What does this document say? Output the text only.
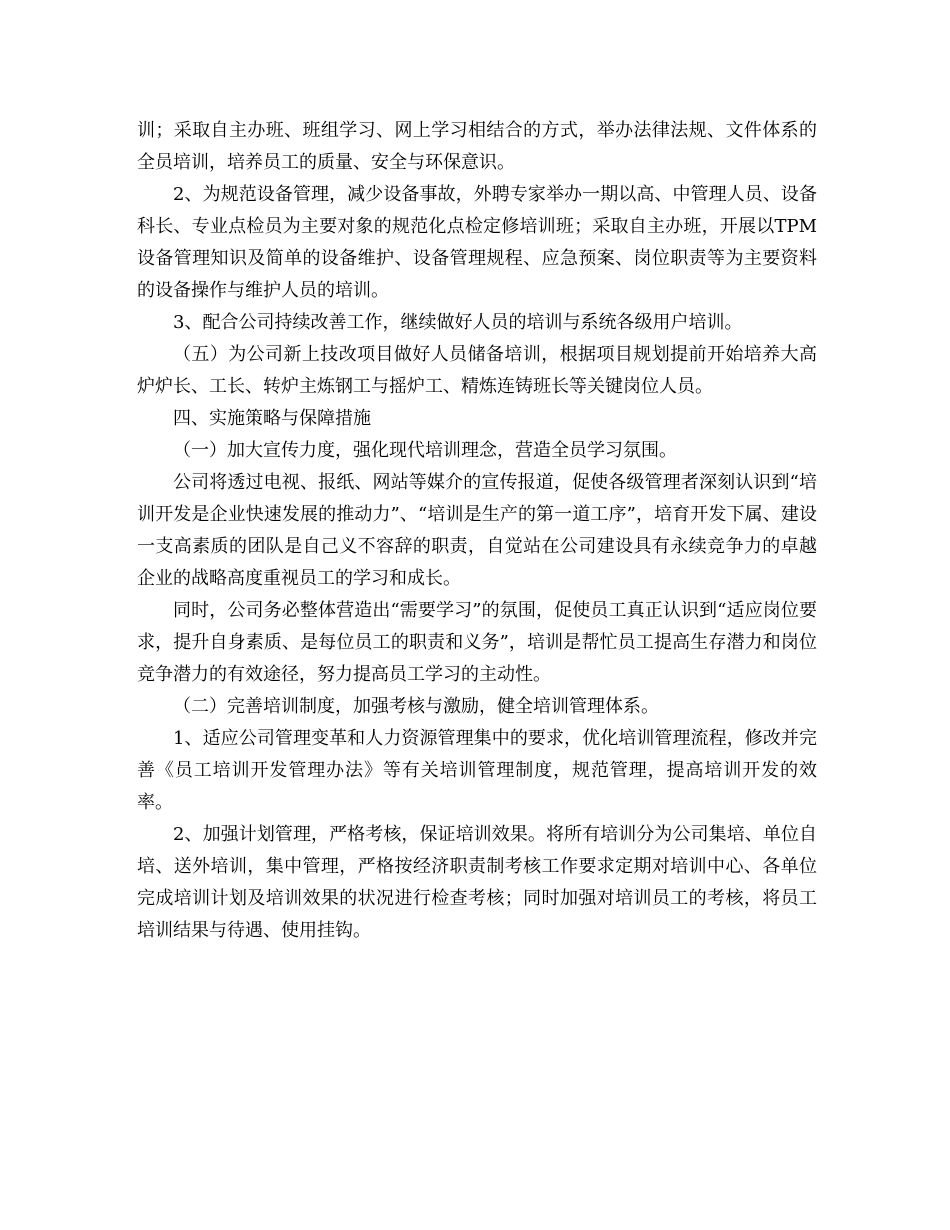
训；采取自主办班、班组学习、网上学习相结合的方式，举办法律法规、文件体系的全员培训，培养员工的质量、安全与环保意识。

2、为规范设备管理，减少设备事故，外聘专家举办一期以高、中管理人员、设备科长、专业点检员为主要对象的规范化点检定修培训班；采取自主办班，开展以TPM设备管理知识及简单的设备维护、设备管理规程、应急预案、岗位职责等为主要资料的设备操作与维护人员的培训。

3、配合公司持续改善工作，继续做好人员的培训与系统各级用户培训。

（五）为公司新上技改项目做好人员储备培训，根据项目规划提前开始培养大高炉炉长、工长、转炉主炼钢工与摇炉工、精炼连铸班长等关键岗位人员。

四、实施策略与保障措施

（一）加大宣传力度，强化现代培训理念，营造全员学习氛围。

公司将透过电视、报纸、网站等媒介的宣传报道，促使各级管理者深刻认识到“培训开发是企业快速发展的推动力”、“培训是生产的第一道工序”，培育开发下属、建设一支高素质的团队是自己义不容辞的职责，自觉站在公司建设具有永续竞争力的卓越企业的战略高度重视员工的学习和成长。

同时，公司务必整体营造出“需要学习”的氛围，促使员工真正认识到“适应岗位要求，提升自身素质、是每位员工的职责和义务”，培训是帮忙员工提高生存潜力和岗位竞争潜力的有效途径，努力提高员工学习的主动性。

（二）完善培训制度，加强考核与激励，健全培训管理体系。

1、适应公司管理变革和人力资源管理集中的要求，优化培训管理流程，修改并完善《员工培训开发管理办法》等有关培训管理制度，规范管理，提高培训开发的效率。

2、加强计划管理，严格考核，保证培训效果。将所有培训分为公司集培、单位自培、送外培训，集中管理，严格按经济职责制考核工作要求定期对培训中心、各单位完成培训计划及培训效果的状况进行检查考核；同时加强对培训员工的考核，将员工培训结果与待遇、使用挂钩。
